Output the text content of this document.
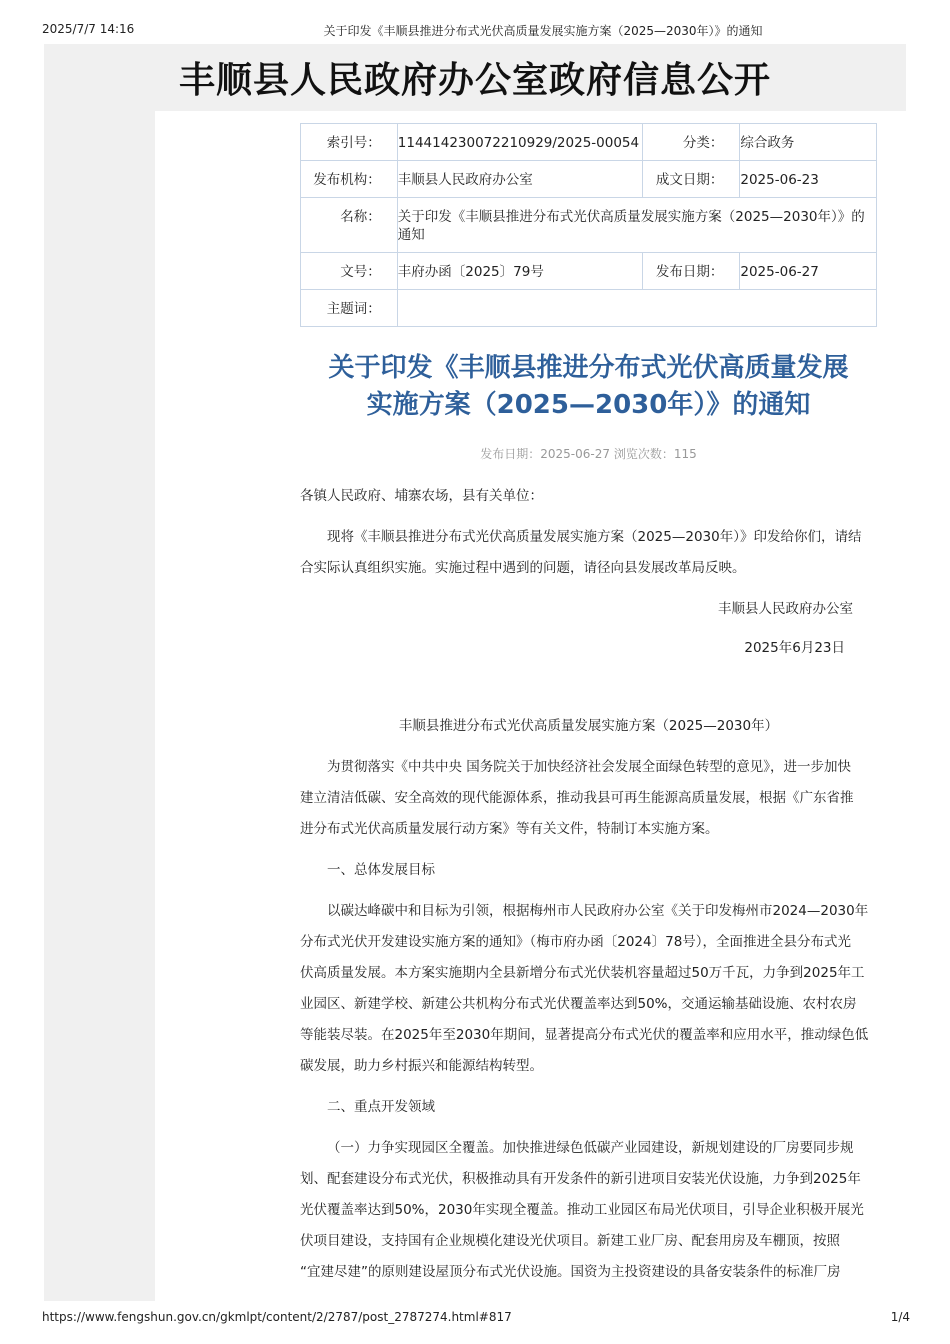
2025/7/7 14:16	关于印发《丰顺县推进分布式光伏高质量发展实施方案（2025—2030年）》的通知
丰顺县人民政府办公室政府信息公开
索引号：	114414230072210929/2025-00054	分类：	综合政务

发布机构：	丰顺县人民政府办公室	成文日期：	2025-06-23

名称：	关于印发《丰顺县推进分布式光伏高质量发展实施方案（2025—2030年）》的通知		

文号：	丰府办函〔2025〕79号	发布日期：	2025-06-27

主题词：			

关于印发《丰顺县推进分布式光伏高质量发展
实施方案（2025—2030年）》的通知
发布日期：2025-06-27 浏览次数：115

各镇人民政府、埔寨农场，县有关单位：

现将《丰顺县推进分布式光伏高质量发展实施方案（2025—2030年）》印发给你们，请结

合实际认真组织实施。实施过程中遇到的问题，请径向县发展改革局反映。

丰顺县人民政府办公室

2025年6月23日

丰顺县推进分布式光伏高质量发展实施方案（2025—2030年）

为贯彻落实《中共中央 国务院关于加快经济社会发展全面绿色转型的意见》，进一步加快

建立清洁低碳、安全高效的现代能源体系，推动我县可再生能源高质量发展，根据《广东省推

进分布式光伏高质量发展行动方案》等有关文件，特制订本实施方案。

一、总体发展目标

以碳达峰碳中和目标为引领，根据梅州市人民政府办公室《关于印发梅州市2024—2030年

分布式光伏开发建设实施方案的通知》（梅市府办函〔2024〕78号），全面推进全县分布式光

伏高质量发展。本方案实施期内全县新增分布式光伏装机容量超过50万千瓦，力争到2025年工

业园区、新建学校、新建公共机构分布式光伏覆盖率达到50%，交通运输基础设施、农村农房

等能装尽装。在2025年至2030年期间，显著提高分布式光伏的覆盖率和应用水平，推动绿色低

碳发展，助力乡村振兴和能源结构转型。

二、重点开发领域

（一）力争实现园区全覆盖。加快推进绿色低碳产业园建设，新规划建设的厂房要同步规

划、配套建设分布式光伏，积极推动具有开发条件的新引进项目安装光伏设施，力争到2025年

光伏覆盖率达到50%，2030年实现全覆盖。推动工业园区布局光伏项目，引导企业积极开展光

伏项目建设，支持国有企业规模化建设光伏项目。新建工业厂房、配套用房及车棚顶，按照

“宜建尽建”的原则建设屋顶分布式光伏设施。国资为主投资建设的具备安装条件的标准厂房

https://www.fengshun.gov.cn/gkmlpt/content/2/2787/post_2787274.html#817	1/4
